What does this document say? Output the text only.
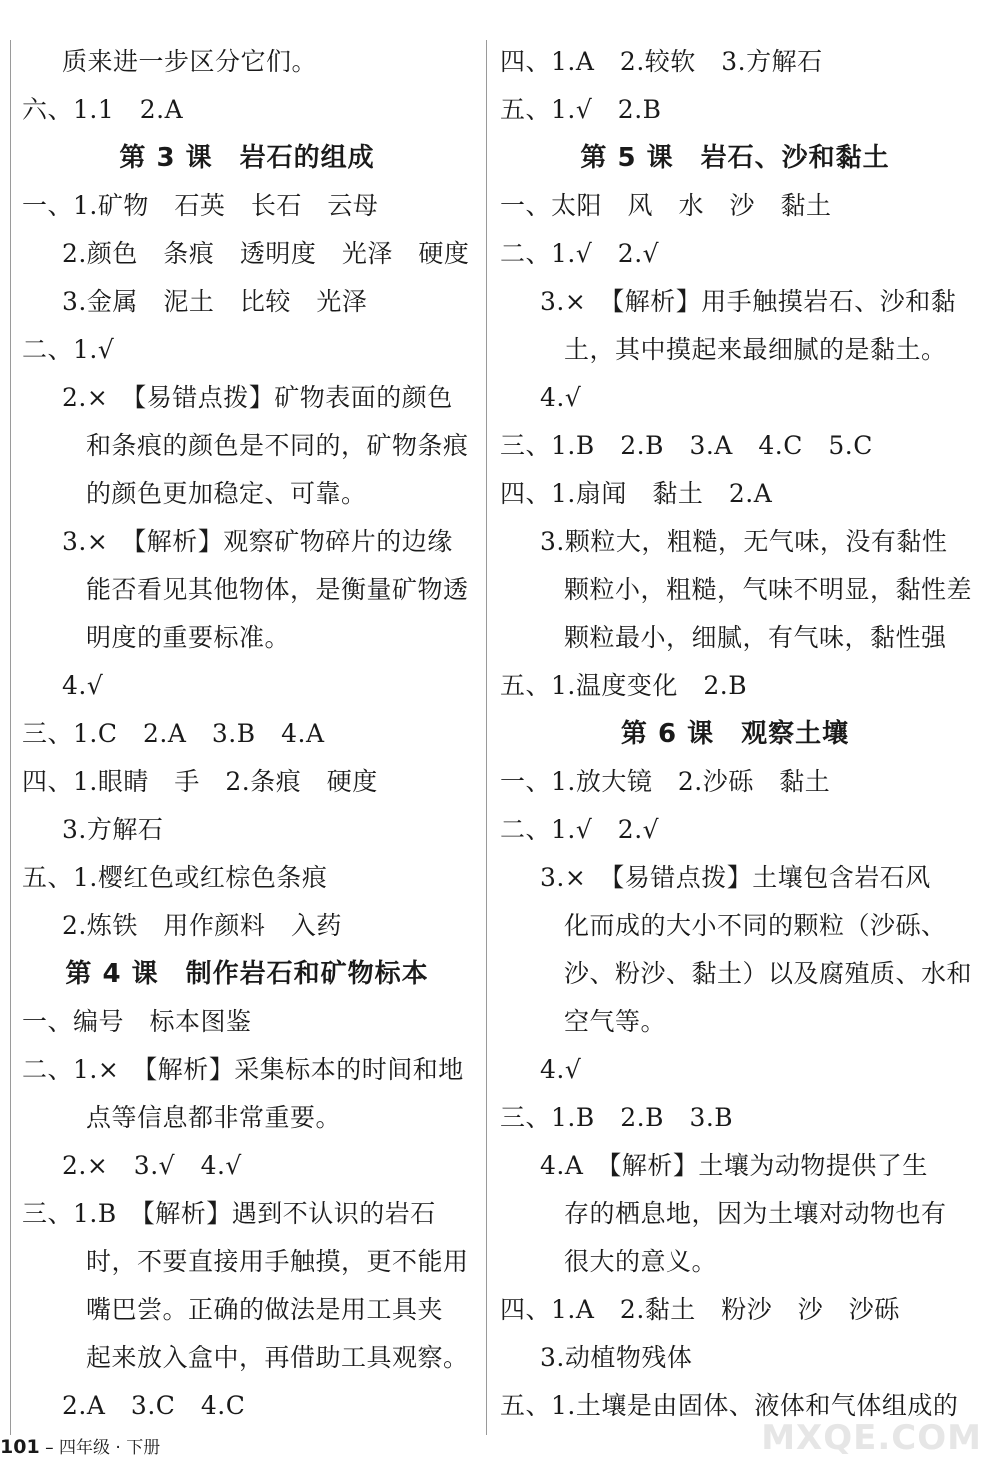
质来进一步区分它们。
六、1.1　2.A
第 3 课　岩石的组成
一、1.矿物　石英　长石　云母
2.颜色　条痕　透明度　光泽　硬度
3.金属　泥土　比较　光泽
二、1.√
2.×　【易错点拨】矿物表面的颜色
和条痕的颜色是不同的，矿物条痕
的颜色更加稳定、可靠。
3.×　【解析】观察矿物碎片的边缘
能否看见其他物体，是衡量矿物透
明度的重要标准。
4.√
三、1.C　2.A　3.B　4.A
四、1.眼睛　手　2.条痕　硬度
3.方解石
五、1.樱红色或红棕色条痕
2.炼铁　用作颜料　入药
第 4 课　制作岩石和矿物标本
一、编号　标本图鉴
二、1.×　【解析】采集标本的时间和地
点等信息都非常重要。
2.×　3.√　4.√
三、1.B　【解析】遇到不认识的岩石
时，不要直接用手触摸，更不能用
嘴巴尝。正确的做法是用工具夹
起来放入盒中，再借助工具观察。
2.A　3.C　4.C
四、1.A　2.较软　3.方解石
五、1.√　2.B
第 5 课　岩石、沙和黏土
一、太阳　风　水　沙　黏土
二、1.√　2.√
3.×　【解析】用手触摸岩石、沙和黏
土，其中摸起来最细腻的是黏土。
4.√
三、1.B　2.B　3.A　4.C　5.C
四、1.扇闻　黏土　2.A
3.颗粒大，粗糙，无气味，没有黏性
颗粒小，粗糙，气味不明显，黏性差
颗粒最小，细腻，有气味，黏性强
五、1.温度变化　2.B
第 6 课　观察土壤
一、1.放大镜　2.沙砾　黏土
二、1.√　2.√
3.×　【易错点拨】土壤包含岩石风
化而成的大小不同的颗粒（沙砾、
沙、粉沙、黏土）以及腐殖质、水和
空气等。
4.√
三、1.B　2.B　3.B
4.A　【解析】土壤为动物提供了生
存的栖息地，因为土壤对动物也有
很大的意义。
四、1.A　2.黏土　粉沙　沙　沙砾
3.动植物残体
五、1.土壤是由固体、液体和气体组成的
101 – 四年级 · 下册	MXQE.COM
